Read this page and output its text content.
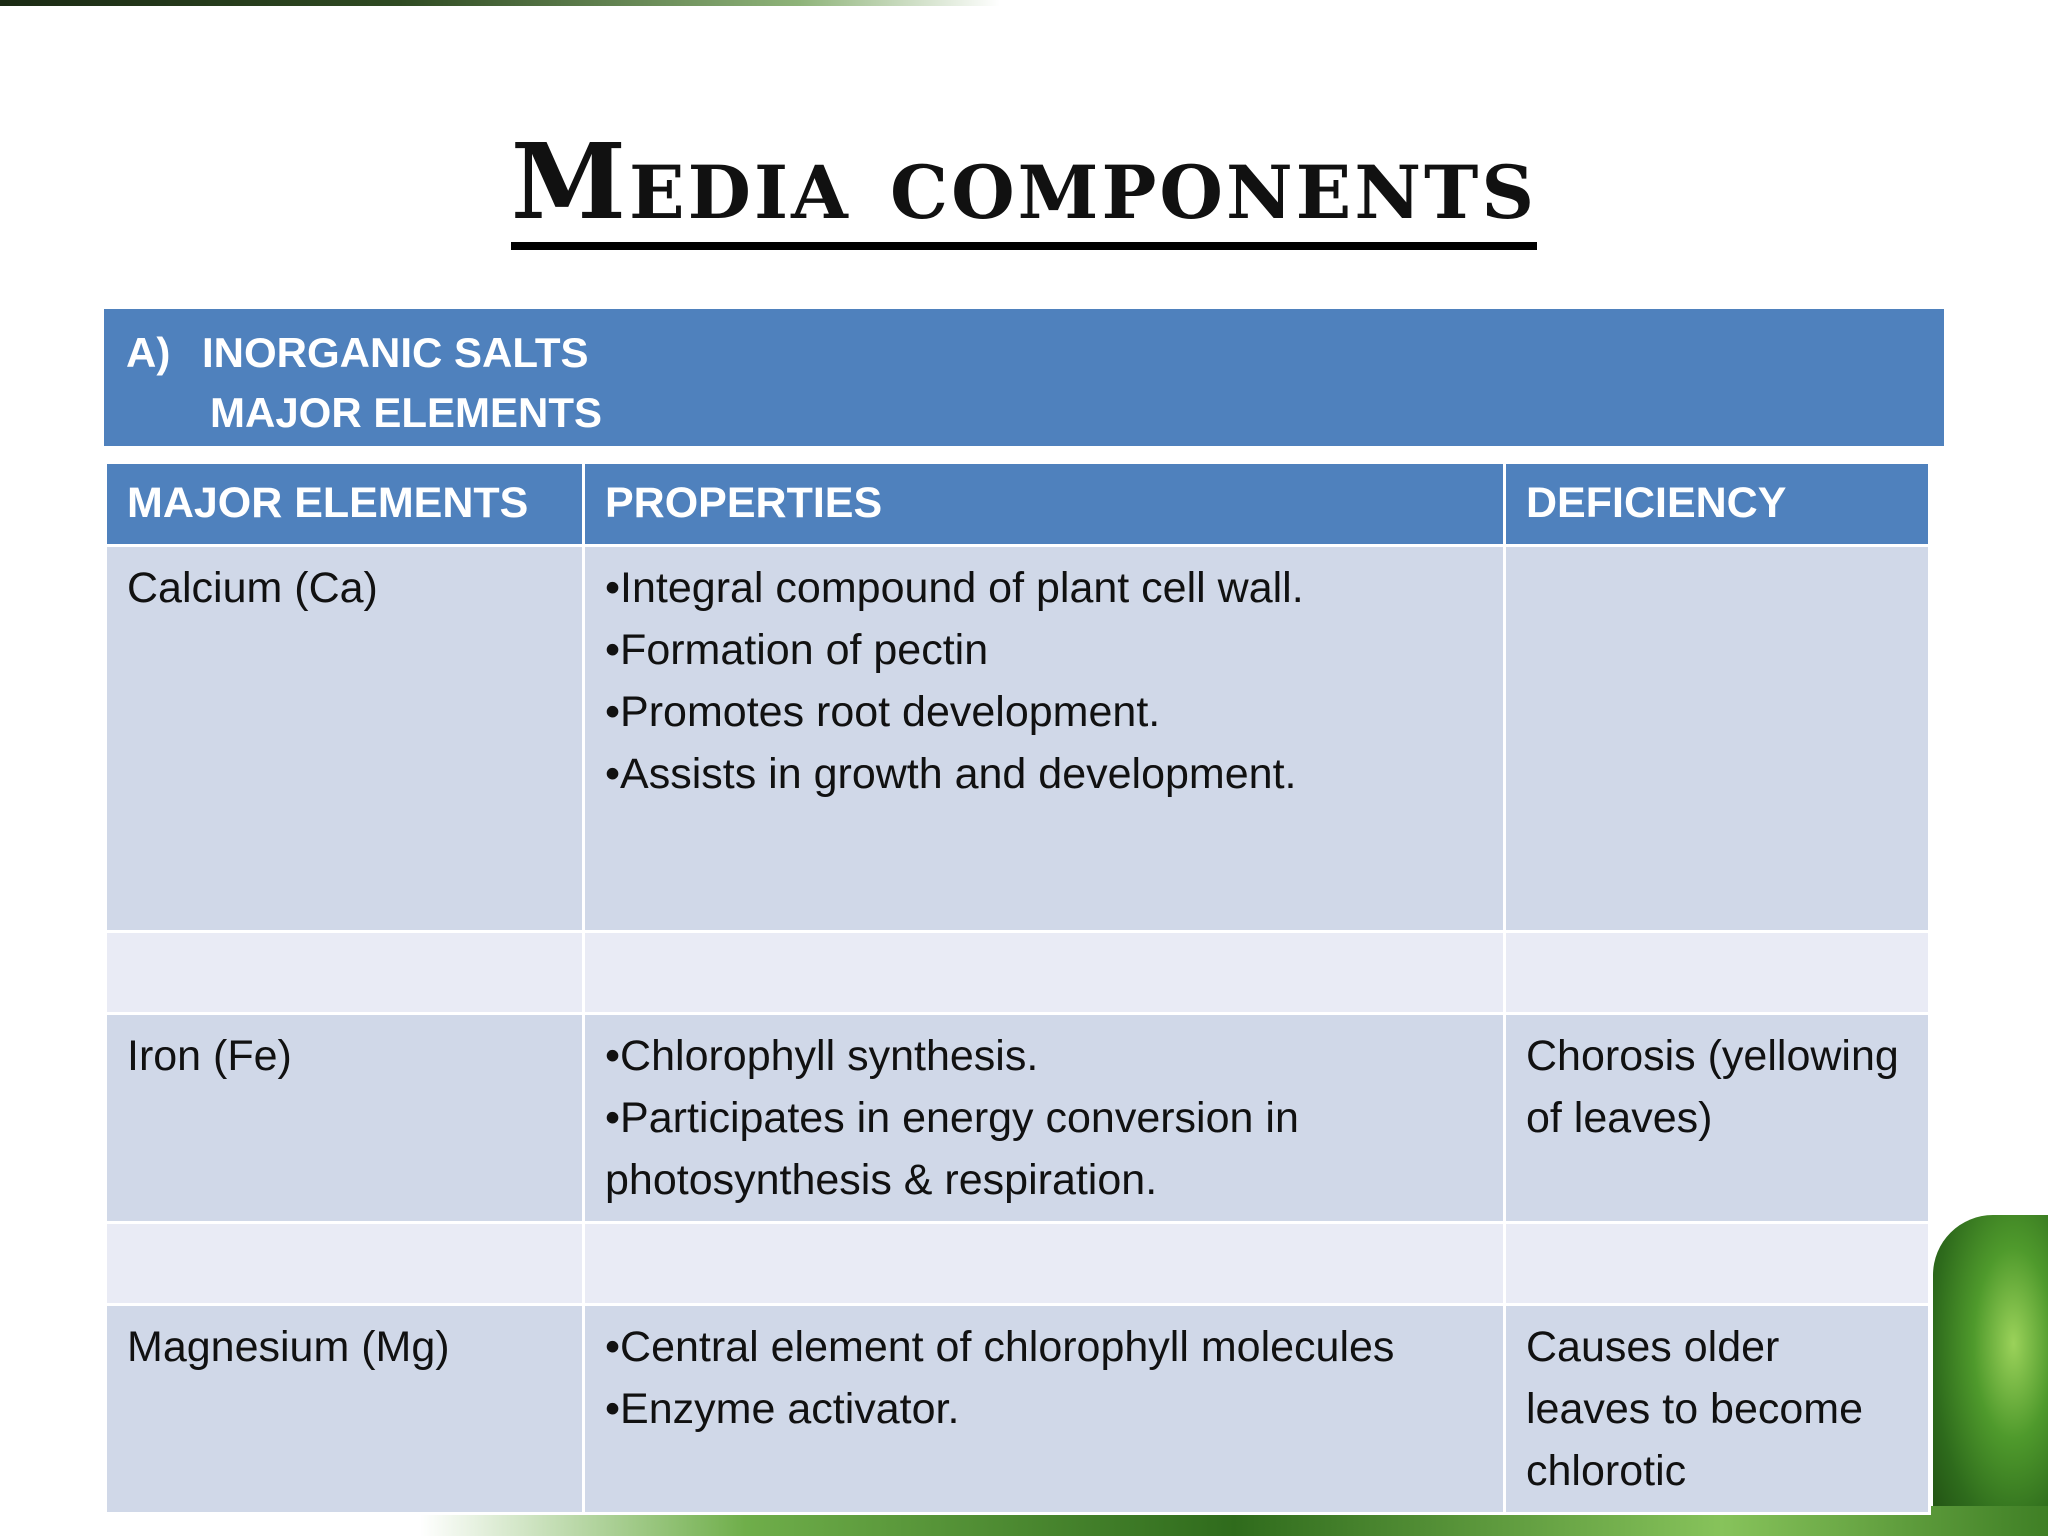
Media components
A) INORGANIC SALTS
MAJOR ELEMENTS
MAJOR ELEMENTS	PROPERTIES	DEFICIENCY
Calcium (Ca)	•Integral compound of plant cell wall.
•Formation of pectin
•Promotes root development.
•Assists in growth and development.	

Iron (Fe)	•Chlorophyll synthesis.
•Participates in energy conversion in photosynthesis & respiration.	Chorosis (yellowing of leaves)

Magnesium (Mg)	•Central element of chlorophyll molecules
•Enzyme activator.	Causes older leaves to become chlorotic
